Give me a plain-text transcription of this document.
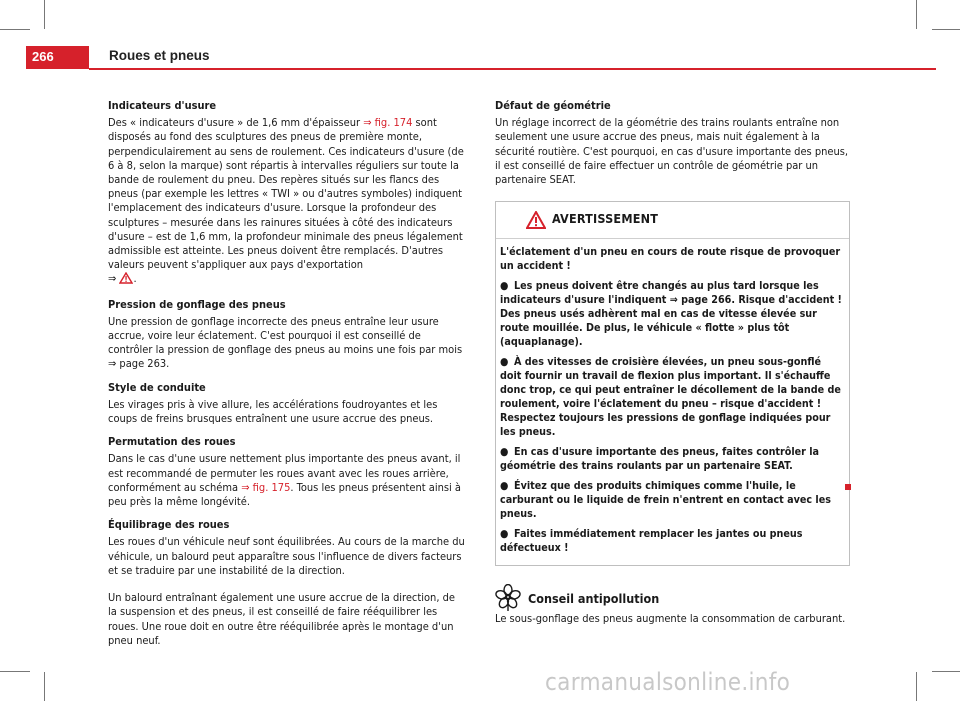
266	Roues et pneus
Indicateurs d'usure

Des « indicateurs d'usure » de 1,6 mm d'épaisseur ⇒ fig. 174 sont disposés au fond des sculptures des pneus de première monte, perpendiculairement au sens de roulement. Ces indicateurs d'usure (de 6 à 8, selon la marque) sont répartis à intervalles réguliers sur toute la bande de roulement du pneu. Des repères situés sur les flancs des pneus (par exemple les lettres « TWI » ou d'autres symboles) indiquent l'emplacement des indicateurs d'usure. Lorsque la profondeur des sculptures – mesurée dans les rainures situées à côté des indicateurs d'usure – est de 1,6 mm, la profondeur minimale des pneus légalement admissible est atteinte. Les pneus doivent être remplacés. D'autres valeurs peuvent s'appliquer aux pays d'exportation
⇒ .

Pression de gonflage des pneus

Une pression de gonflage incorrecte des pneus entraîne leur usure accrue, voire leur éclatement. C'est pourquoi il est conseillé de contrôler la pression de gonflage des pneus au moins une fois par mois ⇒ page 263.

Style de conduite

Les virages pris à vive allure, les accélérations foudroyantes et les coups de freins brusques entraînent une usure accrue des pneus.

Permutation des roues

Dans le cas d'une usure nettement plus importante des pneus avant, il est recommandé de permuter les roues avant avec les roues arrière, conformément au schéma ⇒ fig. 175. Tous les pneus présentent ainsi à peu près la même longévité.

Équilibrage des roues

Les roues d'un véhicule neuf sont équilibrées. Au cours de la marche du véhicule, un balourd peut apparaître sous l'influence de divers facteurs et se traduire par une instabilité de la direction.

Un balourd entraînant également une usure accrue de la direction, de la suspension et des pneus, il est conseillé de faire rééquilibrer les roues. Une roue doit en outre être rééquilibrée après le montage d'un pneu neuf.

Défaut de géométrie

Un réglage incorrect de la géométrie des trains roulants entraîne non seulement une usure accrue des pneus, mais nuit également à la sécurité routière. C'est pourquoi, en cas d'usure importante des pneus, il est conseillé de faire effectuer un contrôle de géométrie par un partenaire SEAT.

AVERTISSEMENT

L'éclatement d'un pneu en cours de route risque de provoquer un accident !

● Les pneus doivent être changés au plus tard lorsque les indicateurs d'usure l'indiquent ⇒ page 266. Risque d'accident ! Des pneus usés adhèrent mal en cas de vitesse élevée sur route mouillée. De plus, le véhicule « flotte » plus tôt (aquaplanage).

● À des vitesses de croisière élevées, un pneu sous-gonflé doit fournir un travail de flexion plus important. Il s'échauffe donc trop, ce qui peut entraîner le décollement de la bande de roulement, voire l'éclatement du pneu – risque d'accident ! Respectez toujours les pressions de gonflage indiquées pour les pneus.

● En cas d'usure importante des pneus, faites contrôler la géométrie des trains roulants par un partenaire SEAT.

● Évitez que des produits chimiques comme l'huile, le carburant ou le liquide de frein n'entrent en contact avec les pneus.

● Faites immédiatement remplacer les jantes ou pneus défectueux !

Conseil antipollution

Le sous-gonflage des pneus augmente la consommation de carburant.

carmanualsonline.info
